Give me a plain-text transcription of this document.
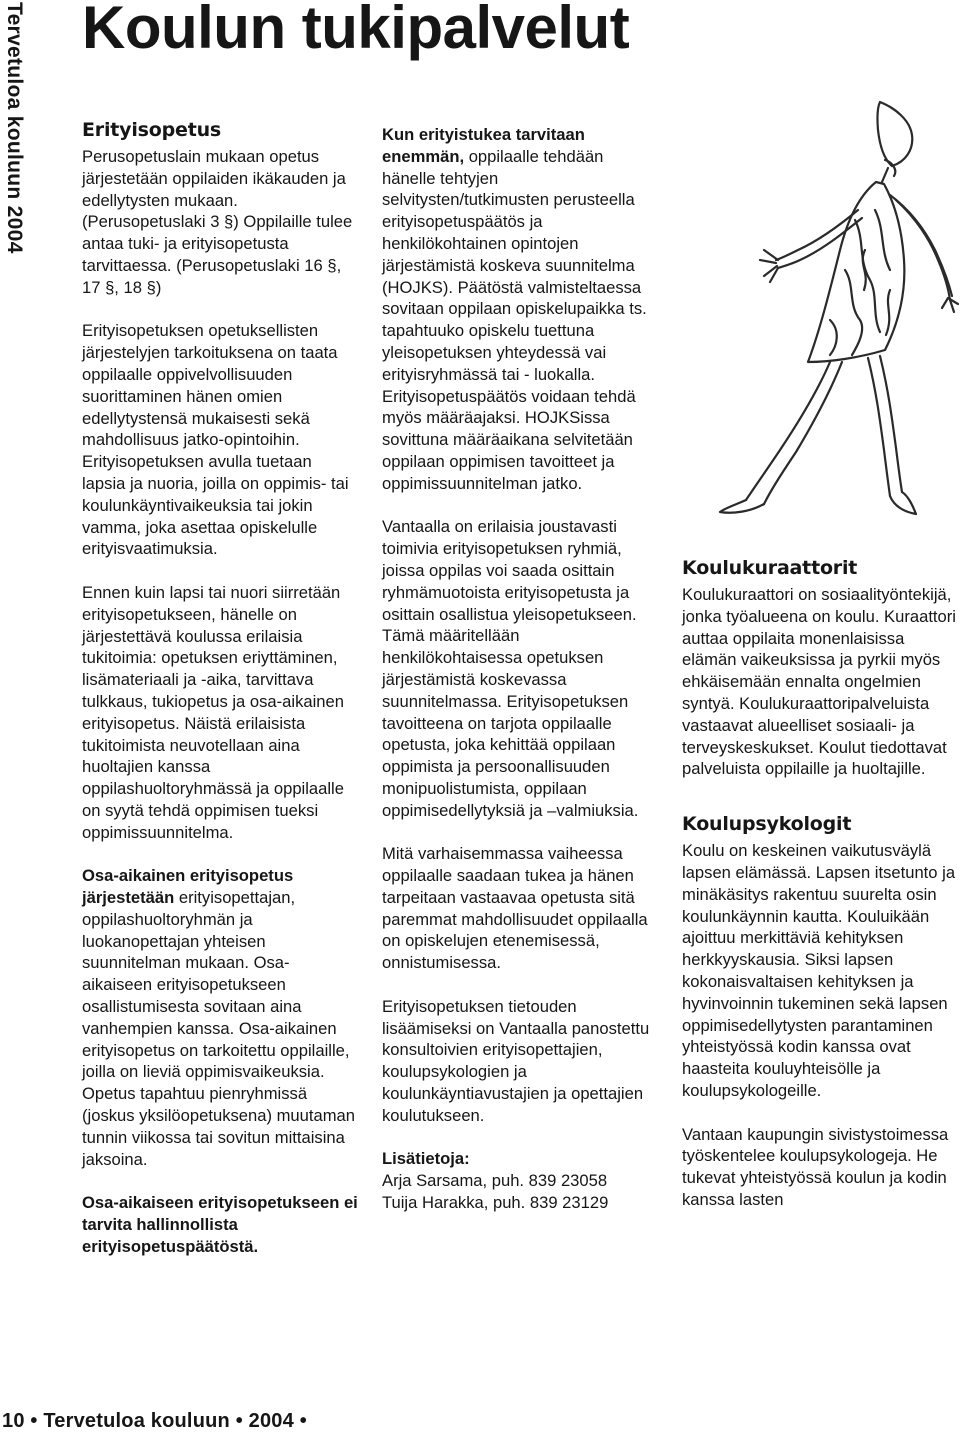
Tervetuloa kouluun 2004 Koulun tukipalvelut
Erityisopetus

Perusopetuslain mukaan opetus järjestetään oppilaiden ikäkauden ja edellytysten mukaan. (Perusopetuslaki 3 §) Oppilaille tulee antaa tuki- ja erityisopetusta tarvittaessa. (Perusopetuslaki 16 §, 17 §, 18 §)

Erityisopetuksen opetuksellisten järjestelyjen tarkoituksena on taata oppilaalle oppivelvollisuuden suorittaminen hänen omien edellytystensä mukaisesti sekä mahdollisuus jatko-opintoihin. Erityisopetuksen avulla tuetaan lapsia ja nuoria, joilla on oppimis- tai koulunkäyntivaikeuksia tai jokin vamma, joka asettaa opiskelulle erityisvaatimuksia.

Ennen kuin lapsi tai nuori siirretään erityisopetukseen, hänelle on järjestettävä koulussa erilaisia tukitoimia: opetuksen eriyttäminen, lisämateriaali ja -aika, tarvittava tulkkaus, tukiopetus ja osa-aikainen erityisopetus. Näistä erilaisista tukitoimista neuvotellaan aina huoltajien kanssa oppilashuoltoryhmässä ja oppilaalle on syytä tehdä oppimisen tueksi oppimissuunnitelma.

Osa-aikainen erityisopetus järjestetään erityisopettajan, oppilashuoltoryhmän ja luokanopettajan yhteisen suunnitelman mukaan. Osa-aikaiseen erityisopetukseen osallistumisesta sovitaan aina vanhempien kanssa. Osa-aikainen erityisopetus on tarkoitettu oppilaille, joilla on lieviä oppimisvaikeuksia. Opetus tapahtuu pienryhmissä (joskus yksilöopetuksena) muutaman tunnin viikossa tai sovitun mittaisina jaksoina.

Osa-aikaiseen erityisopetukseen ei tarvita hallinnollista erityisopetuspäätöstä.

Kun erityistukea tarvitaan enemmän, oppilaalle tehdään hänelle tehtyjen selvitysten/tutkimusten perusteella erityisopetuspäätös ja henkilökohtainen opintojen järjestämistä koskeva suunnitelma (HOJKS). Päätöstä valmisteltaessa sovitaan oppilaan opiskelupaikka ts. tapahtuuko opiskelu tuettuna yleisopetuksen yhteydessä vai erityisryhmässä tai - luokalla. Erityisopetuspäätös voidaan tehdä myös määräajaksi. HOJKSissa sovittuna määräaikana selvitetään oppilaan oppimisen tavoitteet ja oppimissuunnitelman jatko.

Vantaalla on erilaisia joustavasti toimivia erityisopetuksen ryhmiä, joissa oppilas voi saada osittain ryhmämuotoista erityisopetusta ja osittain osallistua yleisopetukseen. Tämä määritellään henkilökohtaisessa opetuksen järjestämistä koskevassa suunnitelmassa. Erityisopetuksen tavoitteena on tarjota oppilaalle opetusta, joka kehittää oppilaan oppimista ja persoonallisuuden monipuolistumista, oppilaan oppimisedellytyksiä ja –valmiuksia.

Mitä varhaisemmassa vaiheessa oppilaalle saadaan tukea ja hänen tarpeitaan vastaavaa opetusta sitä paremmat mahdollisuudet oppilaalla on opiskelujen etenemisessä, onnistumisessa.

Erityisopetuksen tietouden lisäämiseksi on Vantaalla panostettu konsultoivien erityisopettajien, koulupsykologien ja koulunkäyntiavustajien ja opettajien koulutukseen.

Lisätietoja:

Arja Sarsama, puh. 839 23058

Tuija Harakka, puh. 839 23129

Koulukuraattorit

Koulukuraattori on sosiaalityöntekijä, jonka työalueena on koulu. Kuraattori auttaa oppilaita monenlaisissa elämän vaikeuksissa ja pyrkii myös ehkäisemään ennalta ongelmien syntyä. Koulukuraattoripalveluista vastaavat alueelliset sosiaali- ja terveyskeskukset. Koulut tiedottavat palveluista oppilaille ja huoltajille.

Koulupsykologit

Koulu on keskeinen vaikutusväylä lapsen elämässä. Lapsen itsetunto ja minäkäsitys rakentuu suurelta osin koulunkäynnin kautta. Kouluikään ajoittuu merkittäviä kehityksen herkkyyskausia. Siksi lapsen kokonaisvaltaisen kehityksen ja hyvinvoinnin tukeminen sekä lapsen oppimisedellytysten parantaminen yhteistyössä kodin kanssa ovat haasteita kouluyhteisölle ja koulupsykologeille.

Vantaan kaupungin sivistystoimessa työskentelee koulupsykologeja. He tukevat yhteistyössä koulun ja kodin kanssa lasten

10 • Tervetuloa kouluun • 2004 •
